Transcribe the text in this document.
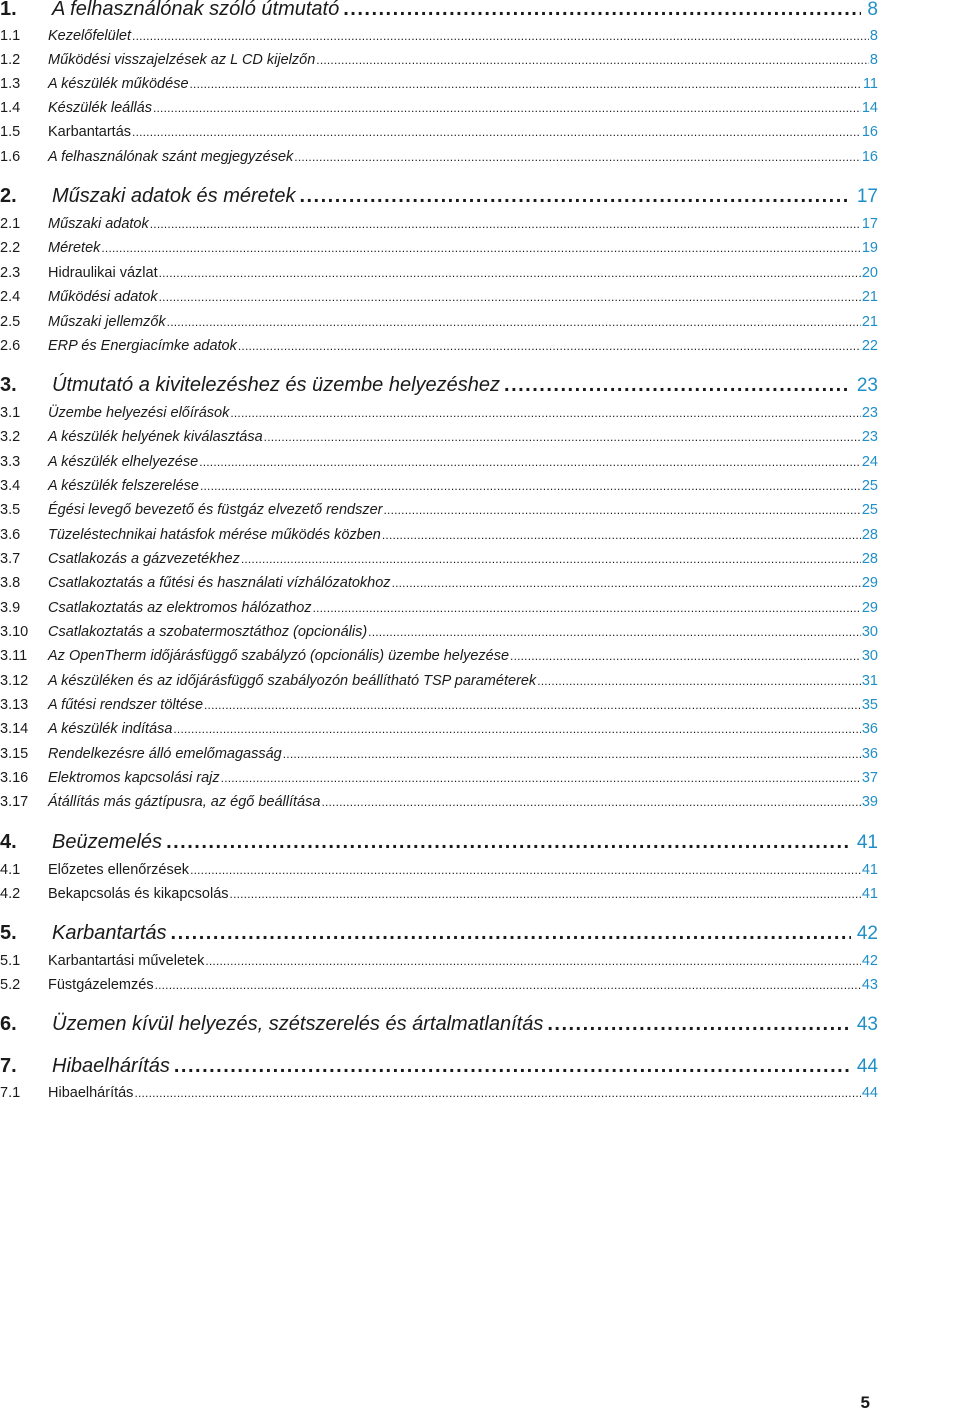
1.	A felhasználónak szóló útmutató .....	8
1.1	Kezelőfelület .....	8
1.2	Működési visszajelzések az L CD kijelzőn .....	8
1.3	A készülék működése .....	11
1.4	Készülék leállás .....	14
1.5	Karbantartás .....	16
1.6	A felhasználónak szánt megjegyzések .....	16
2.	Műszaki adatok és méretek .....	17
2.1	Műszaki adatok .....	17
2.2	Méretek .....	19
2.3	Hidraulikai vázlat .....	20
2.4	Működési adatok .....	21
2.5	Műszaki jellemzők .....	21
2.6	ERP és Energiacímke adatok .....	22
3.	Útmutató a kivitelezéshez és üzembe helyezéshez .....	23
3.1	Üzembe helyezési előírások .....	23
3.2	A készülék helyének kiválasztása .....	23
3.3	A készülék elhelyezése .....	24
3.4	A készülék felszerelése .....	25
3.5	Égési levegő bevezető és füstgáz elvezető rendszer .....	25
3.6	Tüzeléstechnikai hatásfok mérése működés közben .....	28
3.7	Csatlakozás a gázvezetékhez .....	28
3.8	Csatlakoztatás a fűtési és használati vízhálózatokhoz .....	29
3.9	Csatlakoztatás az elektromos hálózathoz .....	29
3.10	Csatlakoztatás a szobatermosztáthoz (opcionális) .....	30
3.11	Az OpenTherm időjárásfüggő szabályzó (opcionális) üzembe helyezése .....	30
3.12	A készüléken és az időjárásfüggő szabályozón beállítható TSP paraméterek .....	31
3.13	A fűtési rendszer töltése .....	35
3.14	A készülék indítása .....	36
3.15	Rendelkezésre álló emelőmagasság .....	36
3.16	Elektromos kapcsolási rajz .....	37
3.17	Átállítás más gáztípusra, az égő beállítása .....	39
4.	Beüzemelés .....	41
4.1	Előzetes ellenőrzések .....	41
4.2	Bekapcsolás és kikapcsolás .....	41
5.	Karbantartás .....	42
5.1	Karbantartási műveletek .....	42
5.2	Füstgázelemzés .....	43
6.	Üzemen kívül helyezés, szétszerelés és ártalmatlanítás .....	43
7.	Hibaelhárítás .....	44
7.1	Hibaelhárítás .....	44
5
